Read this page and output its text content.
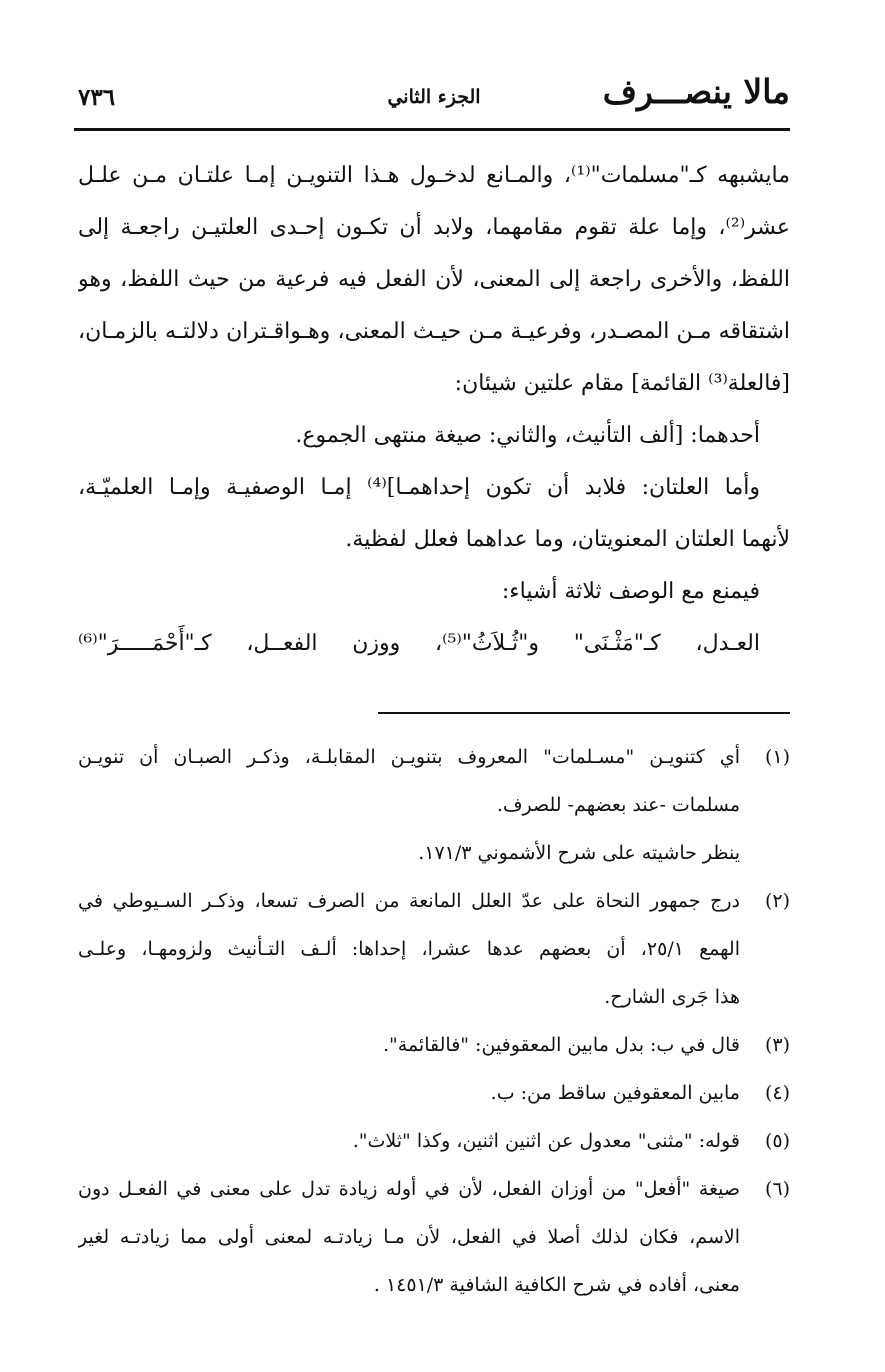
مالا ينصـــرف
الجزء الثاني
٧٣٦
مايشبهه كـ"مسلمات"⁽¹⁾، والمـانع لدخـول هـذا التنويـن إمـا علتـان مـن علـل
عشر⁽²⁾، وإما علة تقوم مقامهما، ولابد أن تكـون إحـدى العلتيـن راجعـة إلى
اللفظ، والأخرى راجعة إلى المعنى، لأن الفعل فيه فرعية من حيث اللفظ، وهو
اشتقاقه مـن المصـدر، وفرعيـة مـن حيـث المعنى، وهـواقـتران دلالتـه بالزمـان،
[فالعلة⁽³⁾ القائمة] مقام علتين شيئان:
أحدهما: [ألف التأنيث، والثاني: صيغة منتهى الجموع.
وأما العلتان: فلابد أن تكون إحداهمـا]⁽⁴⁾ إمـا الوصفيـة وإمـا العلميّـة،
لأنهما العلتان المعنويتان، وما عداهما فعلل لفظية.
فيمنع مع الوصف ثلاثة أشياء:
العـدل، كـ"مَثْـنَى" و"ثُـلاَثُ"⁽⁵⁾، ووزن الفعــل، كـ"أَحْمَـــــرَ"⁽⁶⁾
(١)
أي كتنويـن "مسـلمات" المعروف بتنويـن المقابلـة، وذكـر الصبـان أن تنويـن
مسلمات -عند بعضهم- للصرف.
ينظر حاشيته على شرح الأشموني ١٧١/٣.
(٢)
درج جمهور النحاة على عدّ العلل المانعة من الصرف تسعا، وذكـر السـيوطي في
الهمع ٢٥/١، أن بعضهم عدها عشرا، إحداها: ألـف التـأنيث ولزومهـا، وعلـى
هذا جَرى الشارح.
(٣)
قال في ب: بدل مابين المعقوفين: "فالقائمة".
(٤)
مابين المعقوفين ساقط من: ب.
(٥)
قوله: "مثنى" معدول عن اثنين اثنين، وكذا "ثلاث".
(٦)
صيغة "أفعل" من أوزان الفعل، لأن في أوله زيادة تدل على معنى في الفعـل دون
الاسم، فكان لذلك أصلا في الفعل، لأن مـا زيادتـه لمعنى أولى مما زيادتـه لغير
معنى، أفاده في شرح الكافية الشافية ١٤٥١/٣ .
